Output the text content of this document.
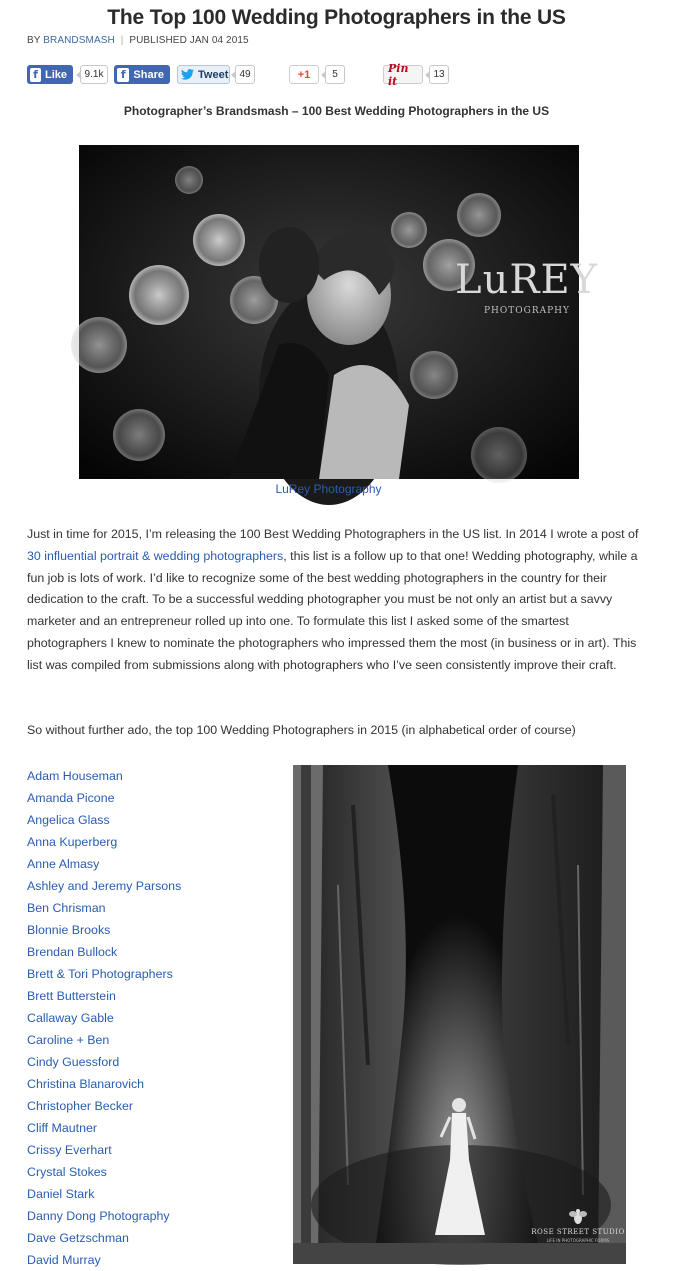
The Top 100 Wedding Photographers in the US
BY BRANDSMASH | PUBLISHED JAN 04 2015
f Like	9.1k	f Share	Tweet	49	+1	5	Pin it	13
Photographer’s Brandsmash – 100 Best Wedding Photographers in the US
LuREY
PHOTOGRAPHY
LuRey Photography

Just in time for 2015, I’m releasing the 100 Best Wedding Photographers in the US list. In 2014 I wrote a post of 30 influential portrait & wedding photographers, this list is a follow up to that one! Wedding photography, while a fun job is lots of work. I’d like to recognize some of the best wedding photographers in the country for their dedication to the craft. To be a successful wedding photographer you must be not only an artist but a savvy marketer and an entrepreneur rolled up into one. To formulate this list I asked some of the smartest photographers I knew to nominate the photographers who impressed them the most (in business or in art). This list was compiled from submissions along with photographers who I’ve seen consistently improve their craft.

So without further ado, the top 100 Wedding Photographers in 2015 (in alphabetical order of course)

Adam Houseman
Amanda Picone
Angelica Glass
Anna Kuperberg
Anne Almasy
Ashley and Jeremy Parsons
Ben Chrisman
Blonnie Brooks
Brendan Bullock
Brett & Tori Photographers
Brett Butterstein
Callaway Gable
Caroline + Ben
Cindy Guessford
Christina Blanarovich
Christopher Becker
Cliff Mautner
Crissy Everhart
Crystal Stokes
Daniel Stark
Danny Dong Photography
Dave Getzschman
David Murray
ROSE STREET STUDIO
LIFE IN PHOTOGRAPHIC FORMS
